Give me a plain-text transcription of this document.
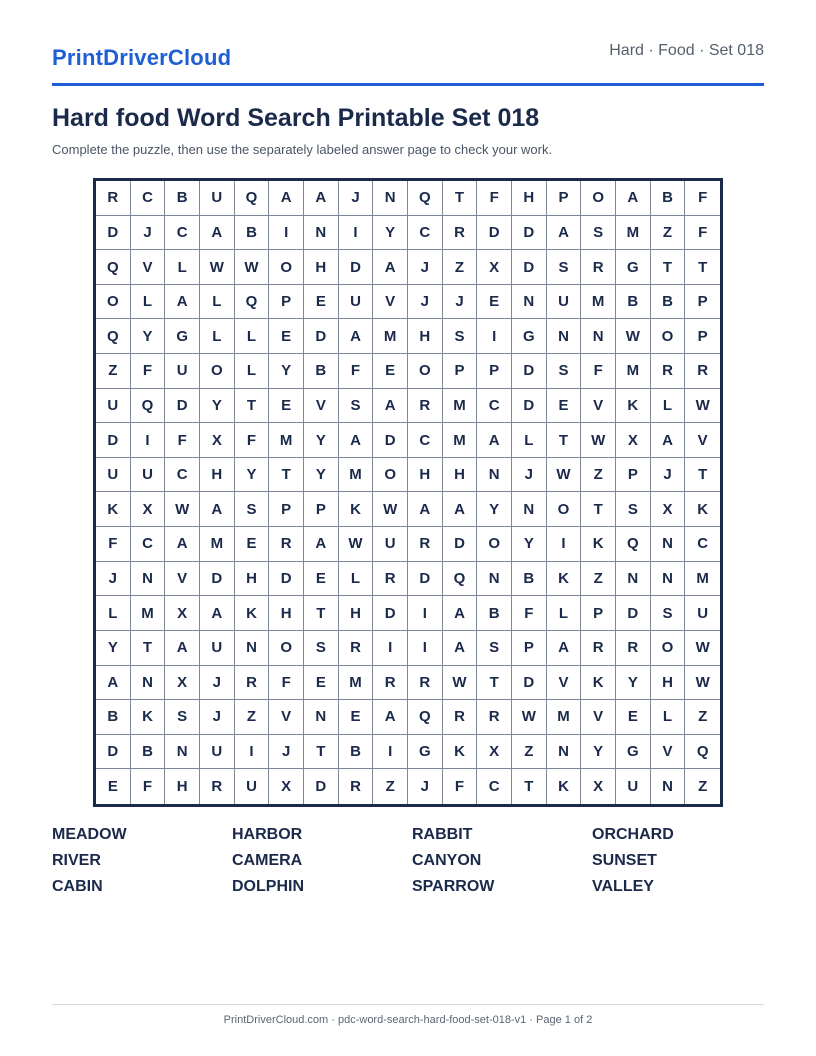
PrintDriverCloud	Hard · Food · Set 018
Hard food Word Search Printable Set 018

Complete the puzzle, then use the separately labeled answer page to check your work.

R	C	B	U	Q	A	A	J	N	Q	T	F	H	P	O	A	B	F
D	J	C	A	B	I	N	I	Y	C	R	D	D	A	S	M	Z	F
Q	V	L	W	W	O	H	D	A	J	Z	X	D	S	R	G	T	T
O	L	A	L	Q	P	E	U	V	J	J	E	N	U	M	B	B	P
Q	Y	G	L	L	E	D	A	M	H	S	I	G	N	N	W	O	P
Z	F	U	O	L	Y	B	F	E	O	P	P	D	S	F	M	R	R
U	Q	D	Y	T	E	V	S	A	R	M	C	D	E	V	K	L	W
D	I	F	X	F	M	Y	A	D	C	M	A	L	T	W	X	A	V
U	U	C	H	Y	T	Y	M	O	H	H	N	J	W	Z	P	J	T
K	X	W	A	S	P	P	K	W	A	A	Y	N	O	T	S	X	K
F	C	A	M	E	R	A	W	U	R	D	O	Y	I	K	Q	N	C
J	N	V	D	H	D	E	L	R	D	Q	N	B	K	Z	N	N	M
L	M	X	A	K	H	T	H	D	I	A	B	F	L	P	D	S	U
Y	T	A	U	N	O	S	R	I	I	A	S	P	A	R	R	O	W
A	N	X	J	R	F	E	M	R	R	W	T	D	V	K	Y	H	W
B	K	S	J	Z	V	N	E	A	Q	R	R	W	M	V	E	L	Z
D	B	N	U	I	J	T	B	I	G	K	X	Z	N	Y	G	V	Q
E	F	H	R	U	X	D	R	Z	J	F	C	T	K	X	U	N	Z
MEADOW	HARBOR	RABBIT	ORCHARD
RIVER	CAMERA	CANYON	SUNSET
CABIN	DOLPHIN	SPARROW	VALLEY
PrintDriverCloud.com · pdc-word-search-hard-food-set-018-v1 · Page 1 of 2
